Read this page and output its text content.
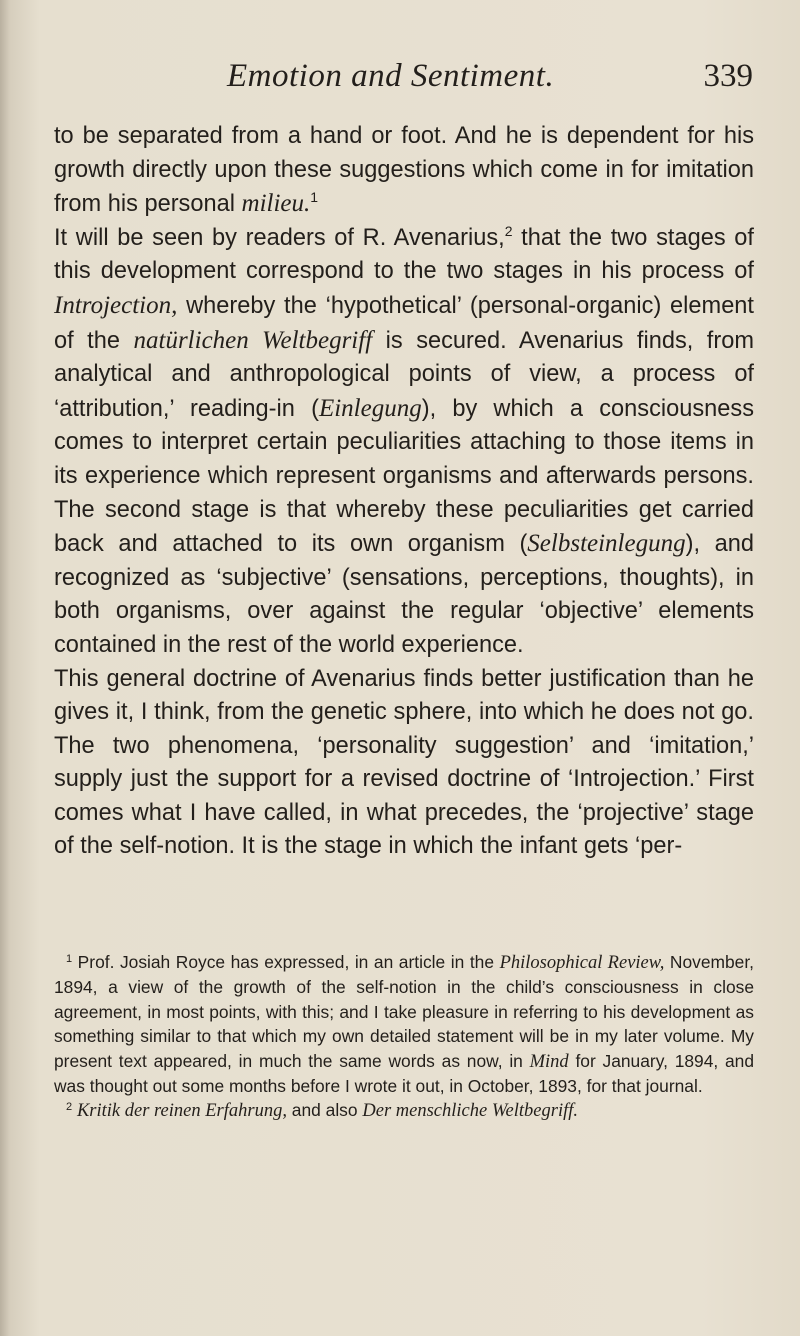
Emotion and Sentiment.	339

to be separated from a hand or foot. And he is dependent for his growth directly upon these suggestions which come in for imitation from his personal milieu.$^1$

It will be seen by readers of R. Avenarius,$^2$ that the two stages of this development correspond to the two stages in his process of Introjection, whereby the ‘hypothetical’ (personal-organic) element of the natürlichen Weltbegriff is secured. Avenarius finds, from analytical and anthropological points of view, a process of ‘attribution,’ reading-in (Einlegung), by which a consciousness comes to interpret certain peculiarities attaching to those items in its experience which represent organisms and afterwards persons. The second stage is that whereby these peculiarities get carried back and attached to its own organism (Selbsteinlegung), and recognized as ‘subjective’ (sensations, perceptions, thoughts), in both organisms, over against the regular ‘objective’ elements contained in the rest of the world experience.

This general doctrine of Avenarius finds better justification than he gives it, I think, from the genetic sphere, into which he does not go. The two phenomena, ‘personality suggestion’ and ‘imitation,’ supply just the support for a revised doctrine of ‘Introjection.’ First comes what I have called, in what precedes, the ‘projective’ stage of the self-notion. It is the stage in which the infant gets ‘per-

$^1$ Prof. Josiah Royce has expressed, in an article in the Philosophical Review, November, 1894, a view of the growth of the self-notion in the child’s consciousness in close agreement, in most points, with this; and I take pleasure in referring to his development as something similar to that which my own detailed statement will be in my later volume. My present text appeared, in much the same words as now, in Mind for January, 1894, and was thought out some months before I wrote it out, in October, 1893, for that journal.

$^2$ Kritik der reinen Erfahrung, and also Der menschliche Weltbegriff.
